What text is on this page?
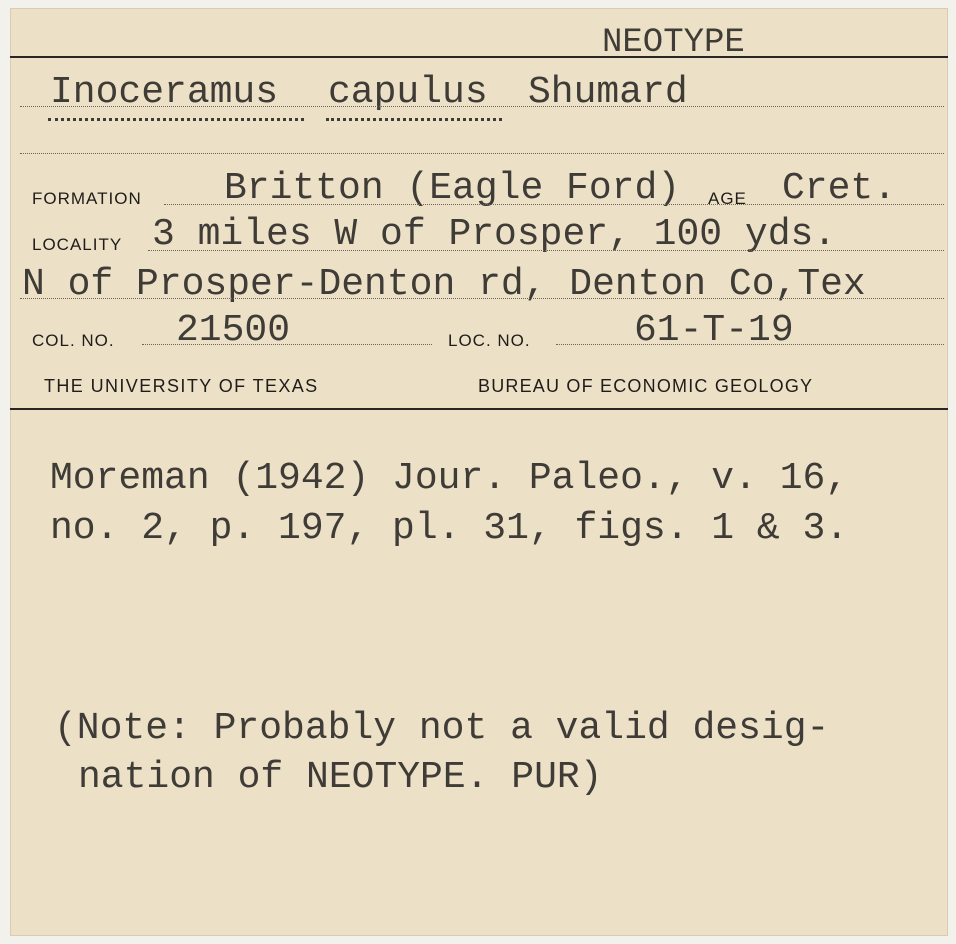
NEOTYPE
Inoceramus capulus Shumard
FORMATION Britton (Eagle Ford) AGE Cret.
LOCALITY 3 miles W of Prosper, 100 yds.
N of Prosper-Denton rd, Denton Co,Tex
COL. NO. 21500	LOC. NO.	61-T-19
THE UNIVERSITY OF TEXAS	BUREAU OF ECONOMIC GEOLOGY
Moreman (1942) Jour. Paleo., v. 16,
no. 2, p. 197, pl. 31, figs. 1 & 3.
(Note: Probably not a valid desig-
nation of NEOTYPE. PUR)
